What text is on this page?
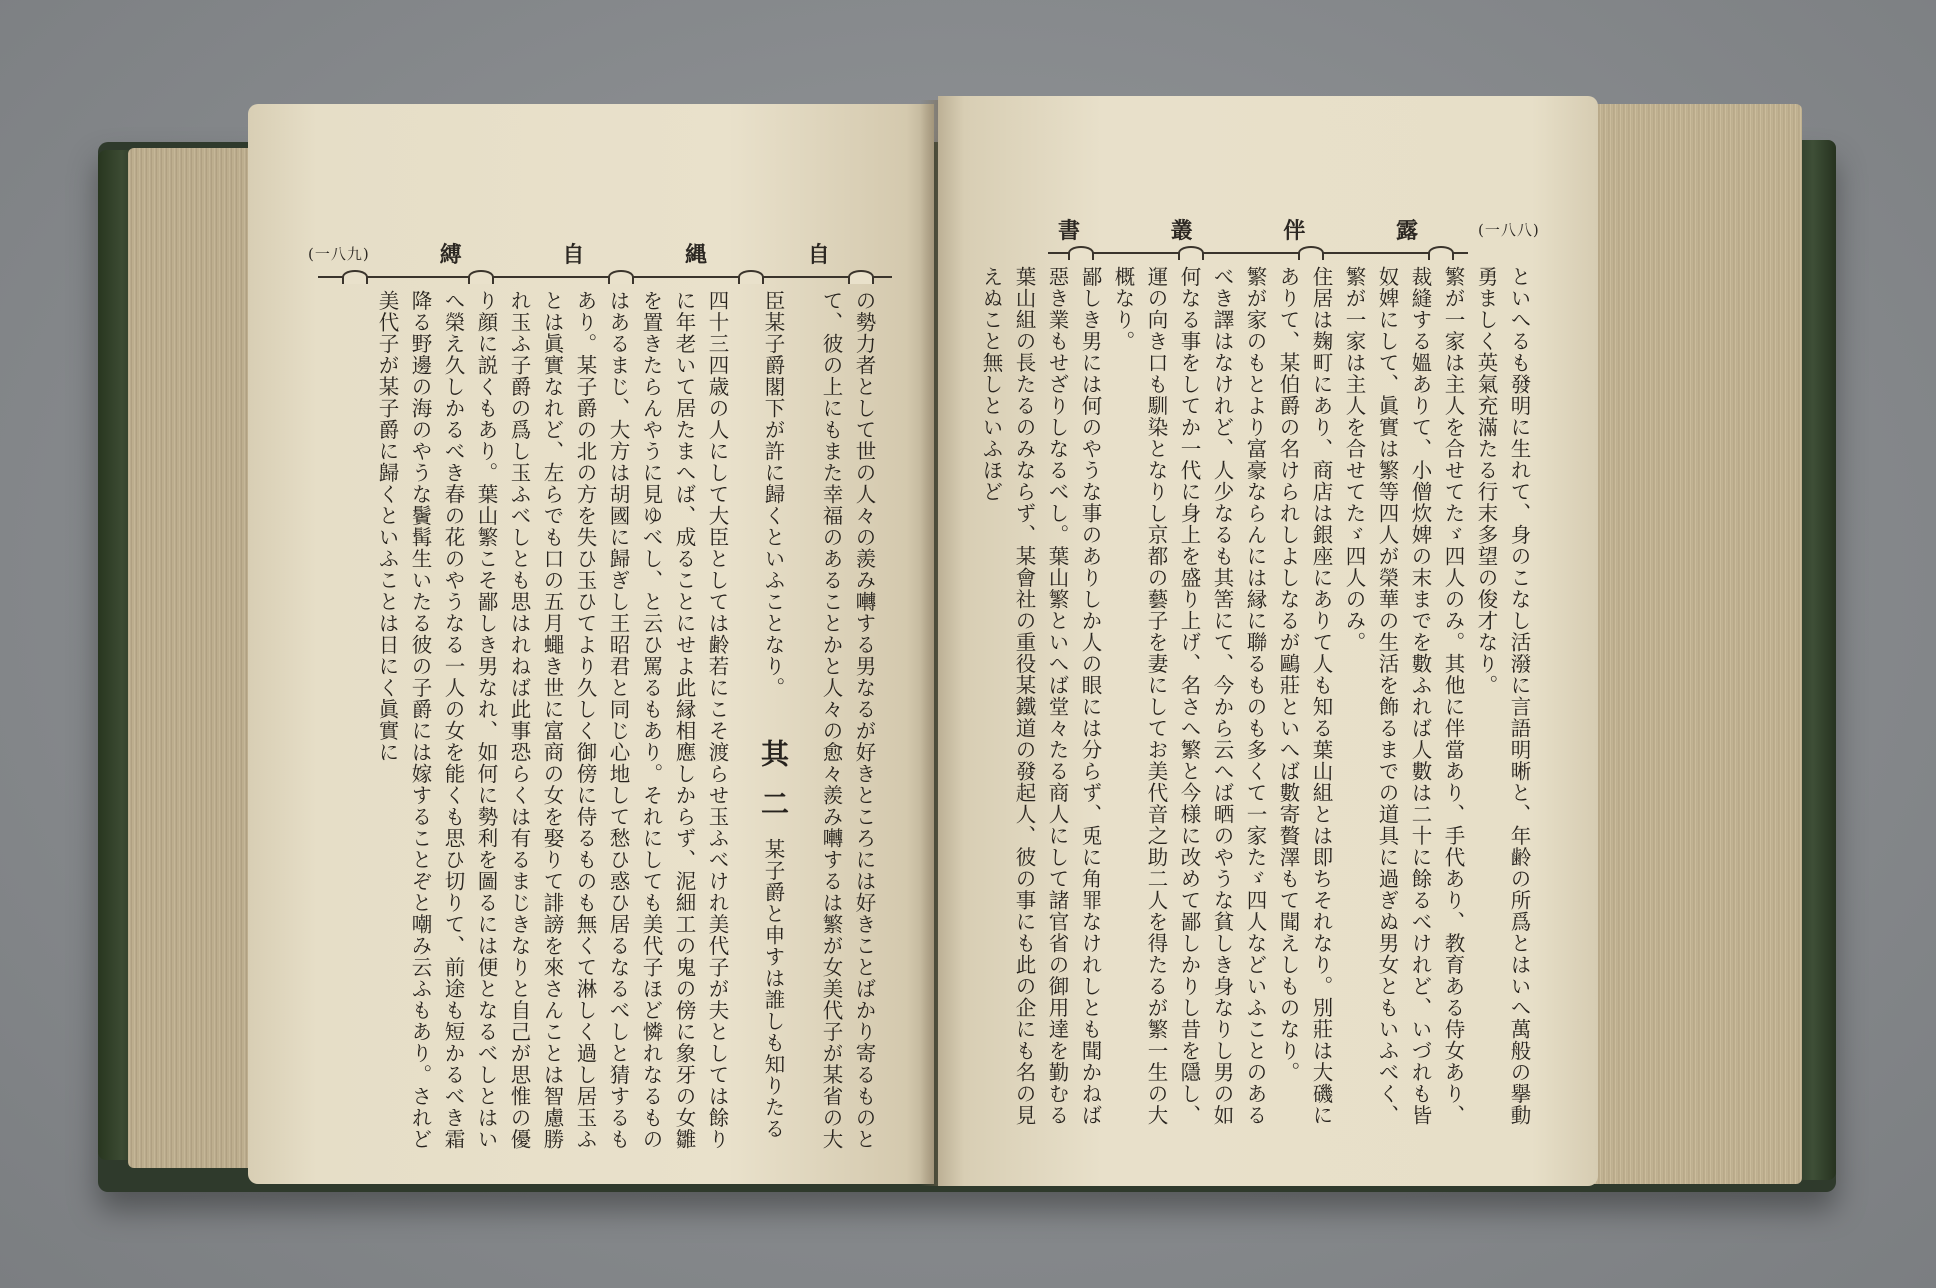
(一八九)	縛	自	縄	自

の勢力者として世の人々の羨み囀する男なるが好きところには好きことばかり寄るものとて、彼の上にもまた幸福のあることかと人々の愈々羨み囀するは繁が女美代子が某省の大臣某子爵閣下が許に歸くといふことなり。其二某子爵と申すは誰しも知りたる四十三四歳の人にして大臣としては齢若にこそ渡らせ玉ふべけれ美代子が夫としては餘りに年老いて居たまへば、成ることにせよ此縁相應しからず、泥細工の鬼の傍に象牙の女雛を置きたらんやうに見ゆべし、と云ひ罵るもあり。それにしても美代子ほど憐れなるものはあるまじ、大方は胡國に歸ぎし王昭君と同じ心地して愁ひ惑ひ居るなるべしと猜するもあり。某子爵の北の方を失ひ玉ひてより久しく御傍に侍るものも無くて淋しく過し居玉ふとは眞實なれど、左らでも口の五月蠅き世に富商の女を娶りて誹謗を來さんことは智慮勝れ玉ふ子爵の爲し玉ふべしとも思はれねば此事恐らくは有るまじきなりと自己が思惟の優り顔に説くもあり。葉山繁こそ鄙しき男なれ、如何に勢利を圖るには便となるべしとはいへ榮え久しかるべき春の花のやうなる一人の女を能くも思ひ切りて、前途も短かるべき霜降る野邊の海のやうな鬢髯生いたる彼の子爵には嫁することぞと嘲み云ふもあり。されど美代子が某子爵に歸くといふことは日にく眞實に

書	叢	伴	露	(一八八)

といへるも發明に生れて、身のこなし活潑に言語明晰と、年齢の所爲とはいへ萬般の擧動勇ましく英氣充滿たる行末多望の俊才なり。
繁が一家は主人を合せてたゞ四人のみ。其他に伴當あり、手代あり、教育ある侍女あり、裁縫する媼ありて、小僧炊婢の末までを數ふれば人數は二十に餘るべけれど、いづれも皆奴婢にして、眞實は繁等四人が榮華の生活を飾るまでの道具に過ぎぬ男女ともいふべく、繁が一家は主人を合せてたゞ四人のみ。
住居は麹町にあり、商店は銀座にありて人も知る葉山組とは即ちそれなり。別莊は大磯にありて、某伯爵の名けられしよしなるが鷗莊といへば數寄贅澤もて聞えしものなり。
繁が家のもとより富豪ならんには縁に聯るものも多くて一家たゞ四人などいふことのあるべき譯はなけれど、人少なるも其筈にて、今から云へば晒のやうな貧しき身なりし男の如何なる事をしてか一代に身上を盛り上げ、名さへ繁と今様に改めて鄙しかりし昔を隱し、運の向き口も馴染となりし京都の藝子を妻にしてお美代音之助二人を得たるが繁一生の大概なり。
鄙しき男には何のやうな事のありしか人の眼には分らず、兎に角罪なけれしとも聞かねば惡き業もせざりしなるべし。葉山繁といへば堂々たる商人にして諸官省の御用達を勤むる葉山組の長たるのみならず、某會社の重役某鐵道の發起人、彼の事にも此の企にも名の見えぬこと無しといふほど
